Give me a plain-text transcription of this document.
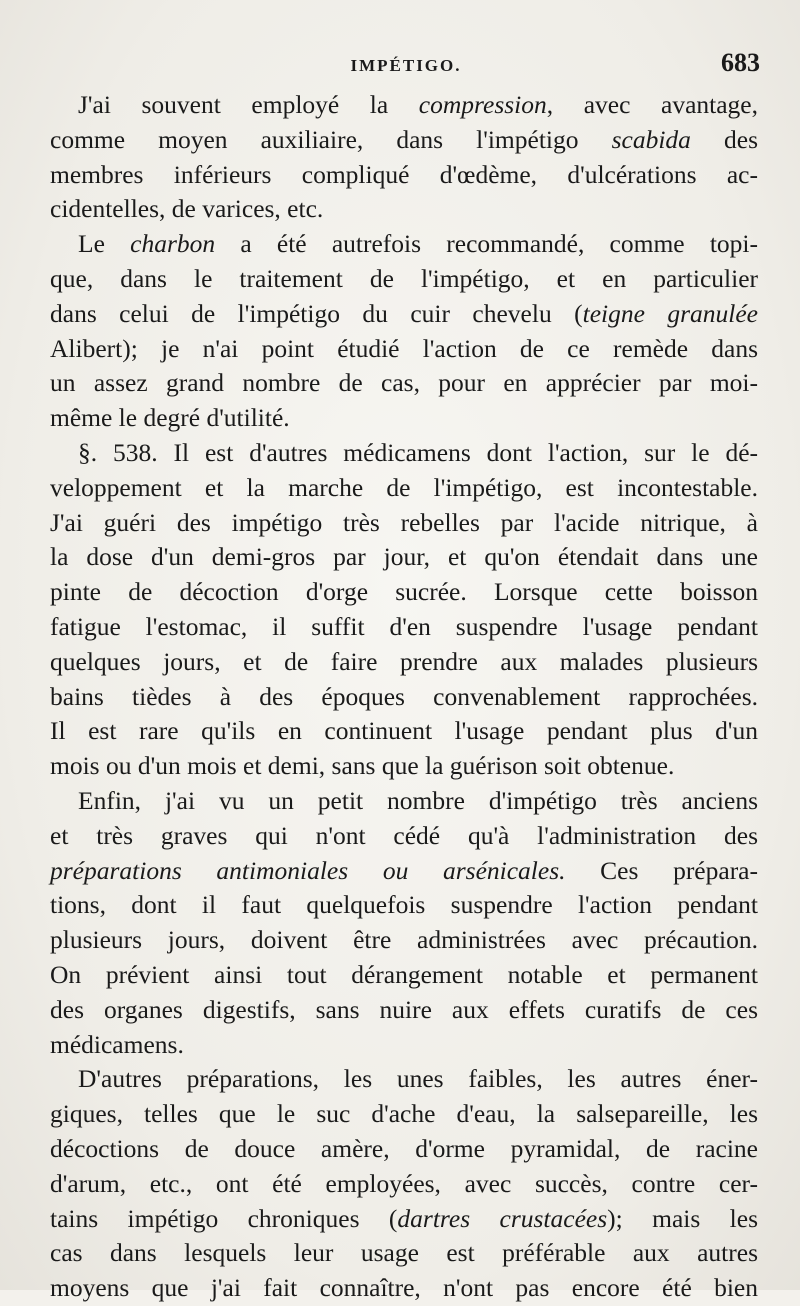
IMPÉTIGO.	683
J'ai souvent employé la compression, avec avantage,
comme moyen auxiliaire, dans l'impétigo scabida des
membres inférieurs compliqué d'œdème, d'ulcérations ac-
cidentelles, de varices, etc.
Le charbon a été autrefois recommandé, comme topi-
que, dans le traitement de l'impétigo, et en particulier
dans celui de l'impétigo du cuir chevelu (teigne granulée
Alibert); je n'ai point étudié l'action de ce remède dans
un assez grand nombre de cas, pour en apprécier par moi-
même le degré d'utilité.
§. 538. Il est d'autres médicamens dont l'action, sur le dé-
veloppement et la marche de l'impétigo, est incontestable.
J'ai guéri des impétigo très rebelles par l'acide nitrique, à
la dose d'un demi-gros par jour, et qu'on étendait dans une
pinte de décoction d'orge sucrée. Lorsque cette boisson
fatigue l'estomac, il suffit d'en suspendre l'usage pendant
quelques jours, et de faire prendre aux malades plusieurs
bains tièdes à des époques convenablement rapprochées.
Il est rare qu'ils en continuent l'usage pendant plus d'un
mois ou d'un mois et demi, sans que la guérison soit obtenue.
Enfin, j'ai vu un petit nombre d'impétigo très anciens
et très graves qui n'ont cédé qu'à l'administration des
préparations antimoniales ou arsénicales. Ces prépara-
tions, dont il faut quelquefois suspendre l'action pendant
plusieurs jours, doivent être administrées avec précaution.
On prévient ainsi tout dérangement notable et permanent
des organes digestifs, sans nuire aux effets curatifs de ces
médicamens.
D'autres préparations, les unes faibles, les autres éner-
giques, telles que le suc d'ache d'eau, la salsepareille, les
décoctions de douce amère, d'orme pyramidal, de racine
d'arum, etc., ont été employées, avec succès, contre cer-
tains impétigo chroniques (dartres crustacées); mais les
cas dans lesquels leur usage est préférable aux autres
moyens que j'ai fait connaître, n'ont pas encore été bien
